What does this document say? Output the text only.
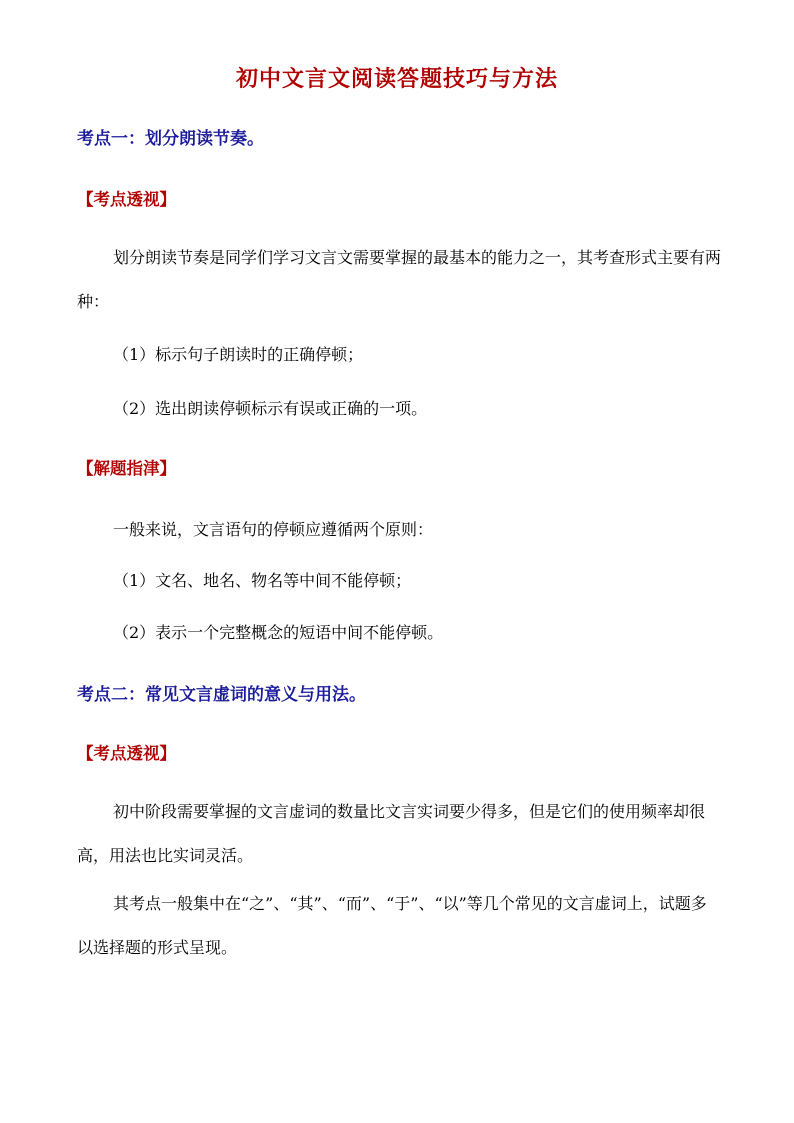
初中文言文阅读答题技巧与方法
考点一：划分朗读节奏。
【考点透视】

划分朗读节奏是同学们学习文言文需要掌握的最基本的能力之一，其考查形式主要有两种：

（1）标示句子朗读时的正确停顿；
（2）选出朗读停顿标示有误或正确的一项。
【解题指津】
一般来说，文言语句的停顿应遵循两个原则：
（1）文名、地名、物名等中间不能停顿；
（2）表示一个完整概念的短语中间不能停顿。
考点二：常见文言虚词的意义与用法。
【考点透视】

初中阶段需要掌握的文言虚词的数量比文言实词要少得多，但是它们的使用频率却很高，用法也比实词灵活。

其考点一般集中在“之”、“其”、“而”、“于”、“以”等几个常见的文言虚词上，试题多以选择题的形式呈现。
